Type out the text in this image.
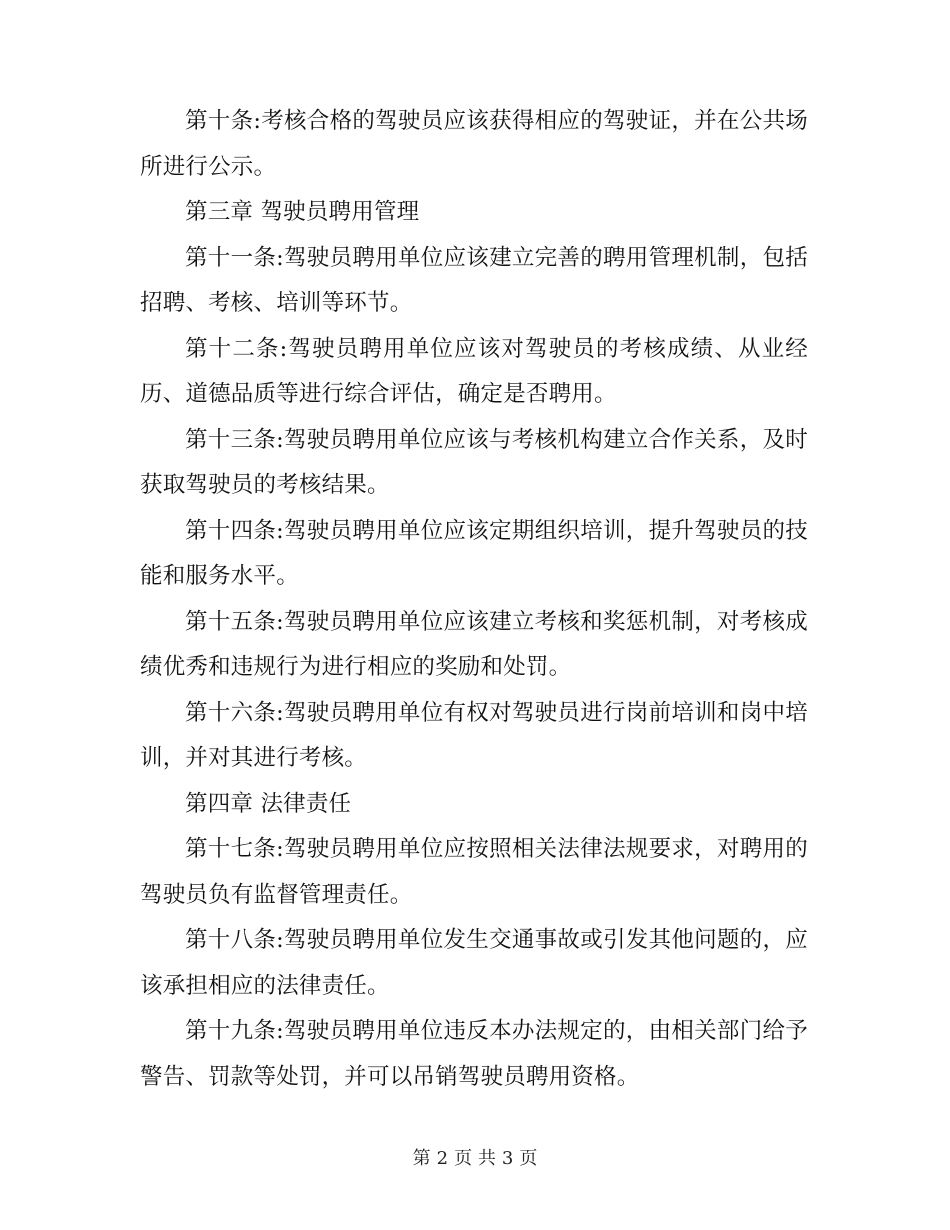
第十条:考核合格的驾驶员应该获得相应的驾驶证，并在公共场所进行公示。

第三章 驾驶员聘用管理

第十一条:驾驶员聘用单位应该建立完善的聘用管理机制，包括招聘、考核、培训等环节。

第十二条:驾驶员聘用单位应该对驾驶员的考核成绩、从业经历、道德品质等进行综合评估，确定是否聘用。

第十三条:驾驶员聘用单位应该与考核机构建立合作关系，及时获取驾驶员的考核结果。

第十四条:驾驶员聘用单位应该定期组织培训，提升驾驶员的技能和服务水平。

第十五条:驾驶员聘用单位应该建立考核和奖惩机制，对考核成绩优秀和违规行为进行相应的奖励和处罚。

第十六条:驾驶员聘用单位有权对驾驶员进行岗前培训和岗中培训，并对其进行考核。

第四章 法律责任

第十七条:驾驶员聘用单位应按照相关法律法规要求，对聘用的驾驶员负有监督管理责任。

第十八条:驾驶员聘用单位发生交通事故或引发其他问题的，应该承担相应的法律责任。

第十九条:驾驶员聘用单位违反本办法规定的，由相关部门给予警告、罚款等处罚，并可以吊销驾驶员聘用资格。

第 2 页 共 3 页
